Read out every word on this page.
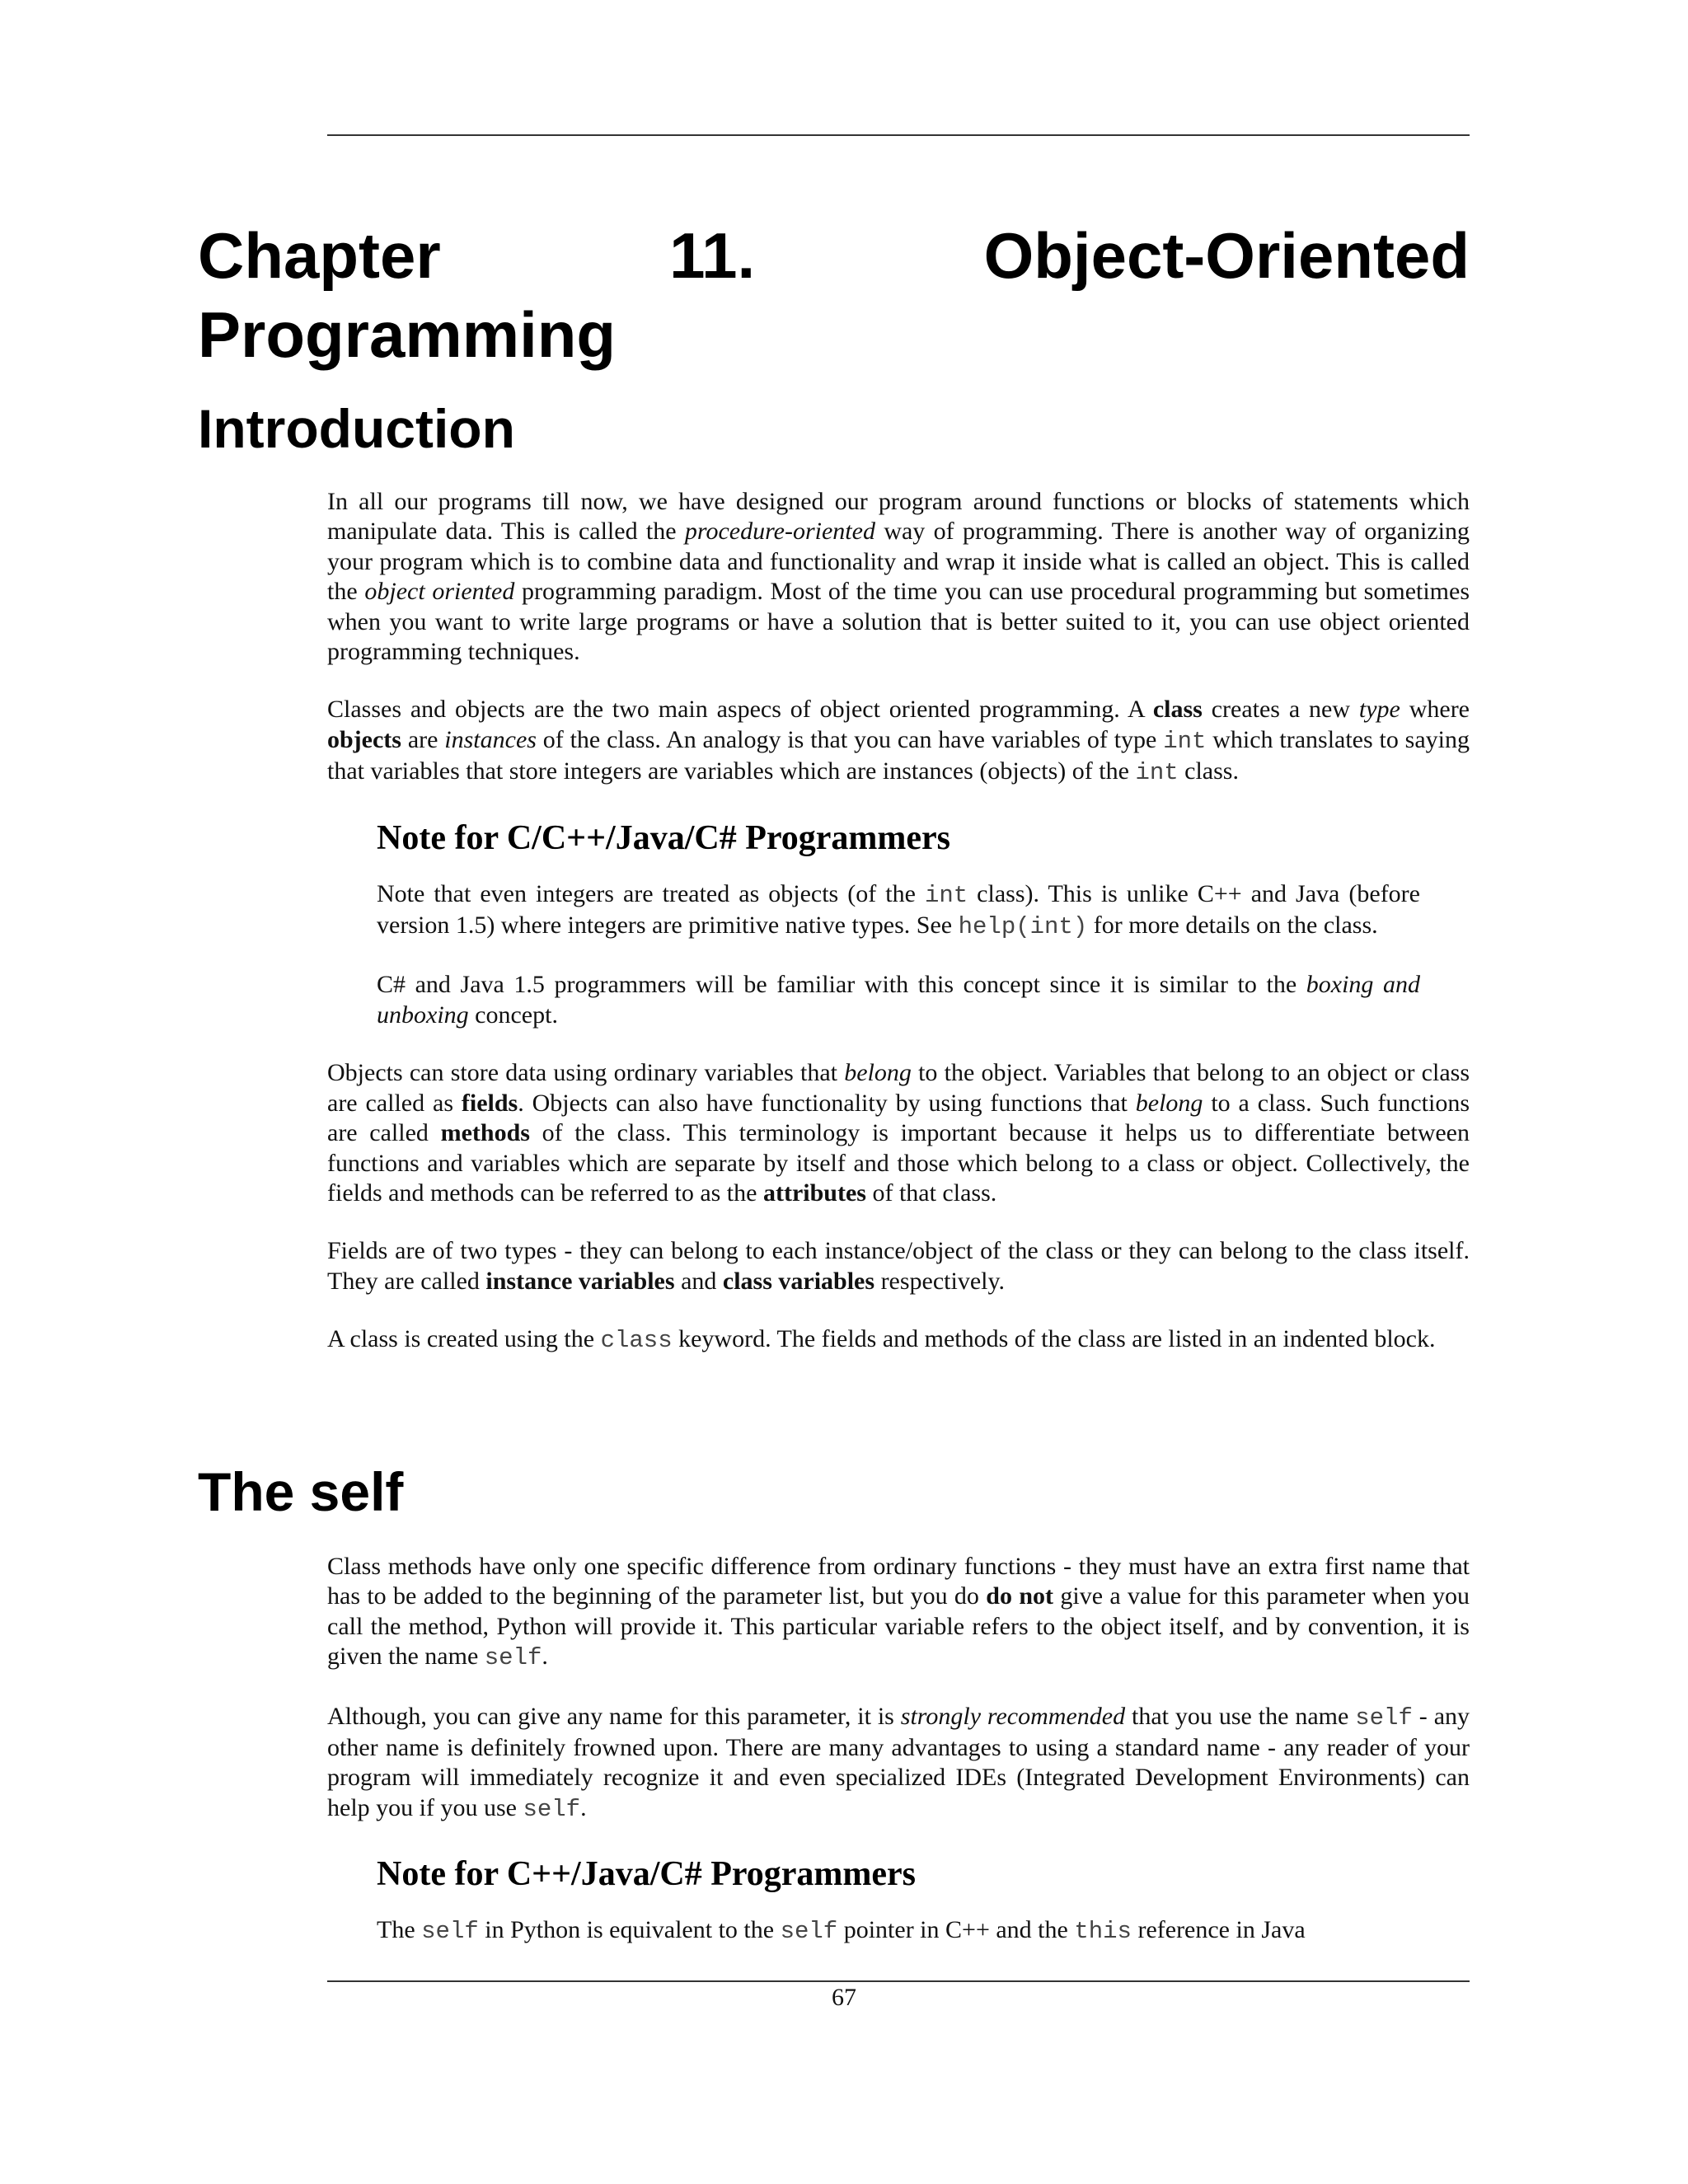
Chapter	11.	Object-Oriented
Programming
Introduction

In all our programs till now, we have designed our program around functions or blocks of statements which manipulate data. This is called the procedure-oriented way of programming. There is another way of organizing your program which is to combine data and functionality and wrap it inside what is called an object. This is called the object oriented programming paradigm. Most of the time you can use procedural programming but sometimes when you want to write large programs or have a solution that is better suited to it, you can use object oriented programming techniques.

Classes and objects are the two main aspecs of object oriented programming. A class creates a new type where objects are instances of the class. An analogy is that you can have variables of type int which translates to saying that variables that store integers are variables which are instances (objects) of the int class.

Note for C/C++/Java/C# Programmers

Note that even integers are treated as objects (of the int class). This is unlike C++ and Java (before version 1.5) where integers are primitive native types. See help(int) for more details on the class.

C# and Java 1.5 programmers will be familiar with this concept since it is similar to the boxing and unboxing concept.

Objects can store data using ordinary variables that belong to the object. Variables that belong to an object or class are called as fields. Objects can also have functionality by using functions that belong to a class. Such functions are called methods of the class. This terminology is important because it helps us to differentiate between functions and variables which are separate by itself and those which belong to a class or object. Collectively, the fields and methods can be referred to as the attributes of that class.

Fields are of two types - they can belong to each instance/object of the class or they can belong to the class itself. They are called instance variables and class variables respectively.

A class is created using the class keyword. The fields and methods of the class are listed in an indented block.

The self

Class methods have only one specific difference from ordinary functions - they must have an extra first name that has to be added to the beginning of the parameter list, but you do do not give a value for this parameter when you call the method, Python will provide it. This particular variable refers to the object itself, and by convention, it is given the name self.

Although, you can give any name for this parameter, it is strongly recommended that you use the name self - any other name is definitely frowned upon. There are many advantages to using a standard name - any reader of your program will immediately recognize it and even specialized IDEs (Integrated Development Environments) can help you if you use self.

Note for C++/Java/C# Programmers

The self in Python is equivalent to the self pointer in C++ and the this reference in Java

67
